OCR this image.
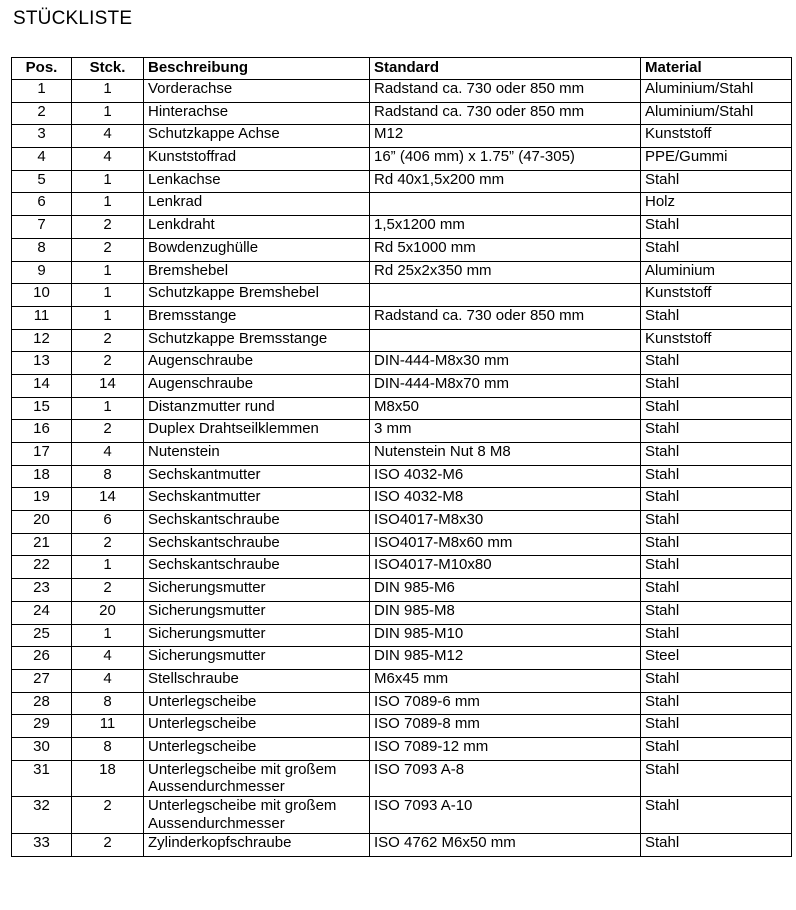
STÜCKLISTE
Pos.	Stck.	Beschreibung	Standard	Material
1	1	Vorderachse	Radstand ca. 730 oder 850 mm	Aluminium/Stahl
2	1	Hinterachse	Radstand ca. 730 oder 850 mm	Aluminium/Stahl
3	4	Schutzkappe Achse	M12	Kunststoff
4	4	Kunststoffrad	16” (406 mm) x 1.75” (47-305)	PPE/Gummi
5	1	Lenkachse	Rd 40x1,5x200 mm	Stahl
6	1	Lenkrad		Holz
7	2	Lenkdraht	1,5x1200 mm	Stahl
8	2	Bowdenzughülle	Rd 5x1000 mm	Stahl
9	1	Bremshebel	Rd 25x2x350 mm	Aluminium
10	1	Schutzkappe Bremshebel		Kunststoff
11	1	Bremsstange	Radstand ca. 730 oder 850 mm	Stahl
12	2	Schutzkappe Bremsstange		Kunststoff
13	2	Augenschraube	DIN-444-M8x30 mm	Stahl
14	14	Augenschraube	DIN-444-M8x70 mm	Stahl
15	1	Distanzmutter rund	M8x50	Stahl
16	2	Duplex Drahtseilklemmen	3 mm	Stahl
17	4	Nutenstein	Nutenstein Nut 8 M8	Stahl
18	8	Sechskantmutter	ISO 4032-M6	Stahl
19	14	Sechskantmutter	ISO 4032-M8	Stahl
20	6	Sechskantschraube	ISO4017-M8x30	Stahl
21	2	Sechskantschraube	ISO4017-M8x60 mm	Stahl
22	1	Sechskantschraube	ISO4017-M10x80	Stahl
23	2	Sicherungsmutter	DIN 985-M6	Stahl
24	20	Sicherungsmutter	DIN 985-M8	Stahl
25	1	Sicherungsmutter	DIN 985-M10	Stahl
26	4	Sicherungsmutter	DIN 985-M12	Steel
27	4	Stellschraube	M6x45 mm	Stahl
28	8	Unterlegscheibe	ISO 7089-6 mm	Stahl
29	11	Unterlegscheibe	ISO 7089-8 mm	Stahl
30	8	Unterlegscheibe	ISO 7089-12 mm	Stahl
31	18	Unterlegscheibe mit großem Aussendurchmesser	ISO 7093 A-8	Stahl
32	2	Unterlegscheibe mit großem Aussendurchmesser	ISO 7093 A-10	Stahl
33	2	Zylinderkopfschraube	ISO 4762 M6x50 mm	Stahl
